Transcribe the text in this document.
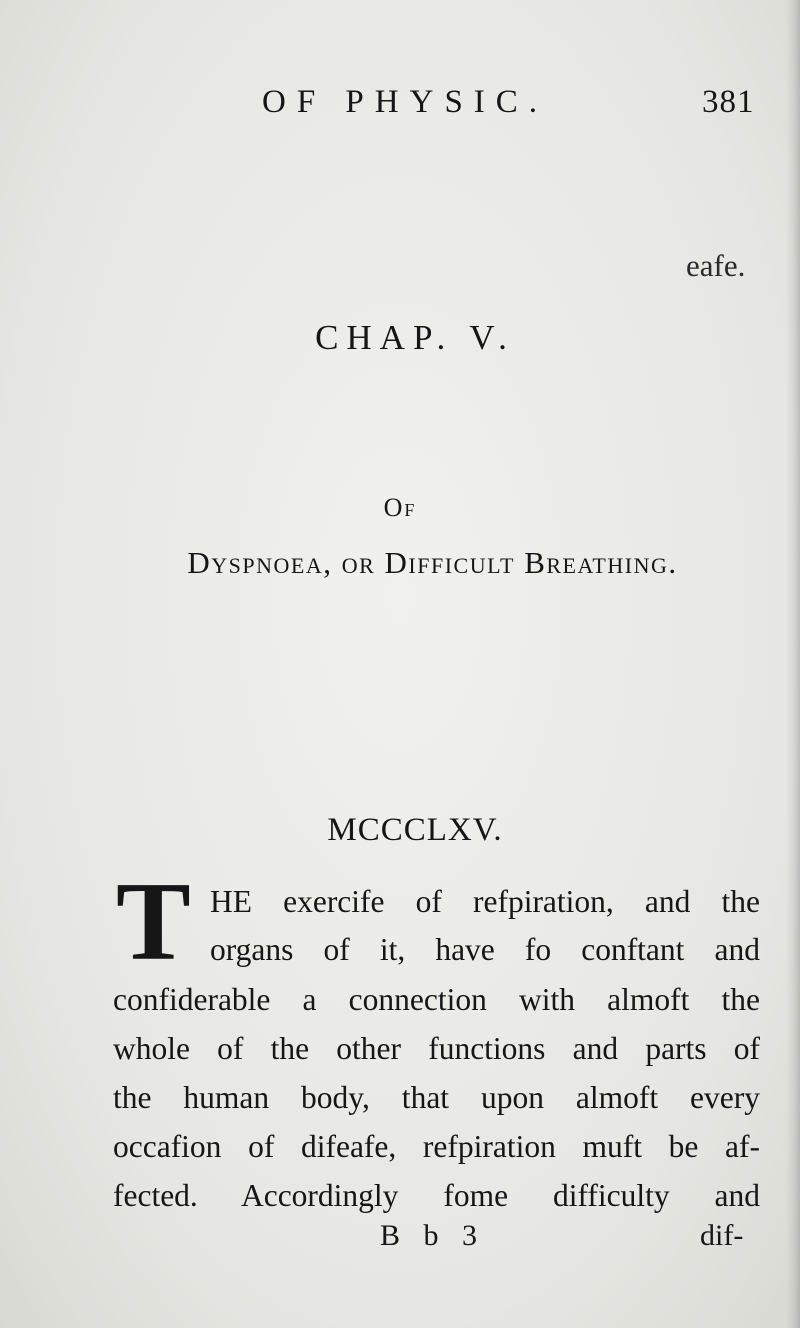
OF PHYSIC.	381
eafe.
CHAP. V.
Of
Dyspnoea, or Difficult Breathing.
MCCCLXV.
T HE exercife of refpiration, and the
organs of it, have fo conftant and
confiderable a connection with almoft the
whole of the other functions and parts of
the human body, that upon almoft every
occafion of difeafe, refpiration muft be af-
fected. Accordingly fome difficulty and
B b 3	dif-
